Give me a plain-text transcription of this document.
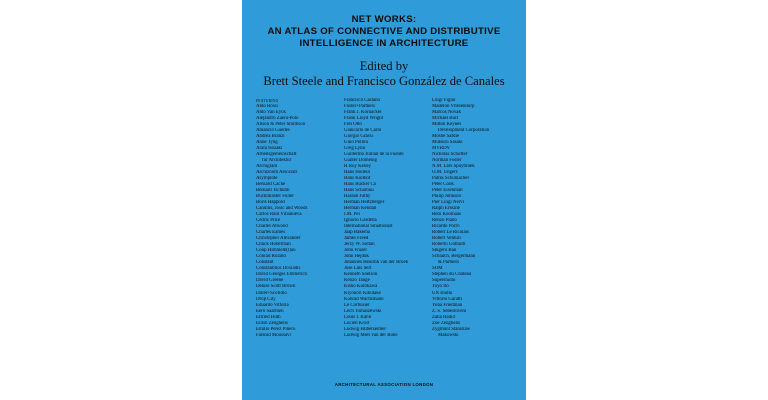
NET WORKS:
AN ATLAS OF CONNECTIVE AND DISTRIBUTIVE
INTELLIGENCE IN ARCHITECTURE
Edited by
Brett Steele and Francisco González de Canales
FEATURING
Aldo Rossi
Aldo Van Eyck
Alejandro Zaera-Polo
Alison & Peter Smithson
Amancio Guedes
Andrea Branzi
Anne Tyng
Arata Isozaki
Arbeitsgemeinschaft
für Architektur
Archigram
Archizoom Associati
Asymptote
Bernard Cache
Bernard Tschumi
Buckminster Fuller
Boris Happold
Candilis, Josic and Woods
Carlos Raúl Villanueva
Cedric Price
Charles Atwood
Charles Eames
Christopher Alexander
Chuck Hoberman
Coop Himmelb(l)au
Conrad Roland
Constant
Constantinos Doxiadis
David Georges Emmerich
David Greene
Denise Scott Brown
Diller+Scofidio
Drop City
Eduardo Vittoria
Eero Saarinen
Elfried Huth
Eilish Zenghelis
Emilio Perez Piñero
Farshid Moussavi
Francisco Castaño
Foster+Partners
Frank J. Kornacker
Frank Lloyd Wright
Frei Otto
Giancarlo de Carlo
Giorgio Grassi
Gino Pollini
Greg Lynn
Guillermo Jullian de la Fuente
Gunter Domenig
H Roy Kelley
Hans Hollein
Hans Kollhof
Hans Rucker Co
Hans Scharoun
Hassan Fathy
Herman Hertzberger
Herman Kendall
I.M. Pei
Ignacio Gardella
International Situationist
Jaap Bakema
James Freed
Jerzy W. Soltan
John Frazer
John Hejduk
Johannes Hendrik van der Broek
Jose Luis Sert
Kenneth Snelson
Kenzo Tange
Kisho Kurokawa
Kiyonori Kikutake
Konrad Wachsmann
Le Corbusier
Lech Tomaszewski
Louis I. Kahn
Lucien Kroll
Ludwig Hilberseimer
Ludwig Mies van der Rohe
Luigi Figini
Madelon Vriesendorp
Marcos Novak
Michael Burt
Milton Keynes
Development Corporation
Moshe Safdie
Mutsuro Sasaki
MVRDV
Nicholas Schöffer
Norman Foster
N.M. Lars Spuybroek
O.M. Ungers
Patrik Schumacher
Peter Cook
Peter Eisenman
Philip Johnson
Pier Luigi Nervi
Ralph Erskine
Rem Koolhaas
Renzo Piano
Ricardo Porro
Robert Le Ricolais
Robert Venturi
Roberto Gottardi
Shigeru Ban
Schlaich, Bergermann
& Partners
SOM
Stephen du Château
Superstudio
Toyo Ito
UN studio
Vittorio Garatti
Yona Friedman
Z. S. Sebestovéni
Zaha Hadid
Zoe Zenghelis
Zygmunt Stanislaw
Makowski
ARCHITECTURAL ASSOCIATION LONDON
